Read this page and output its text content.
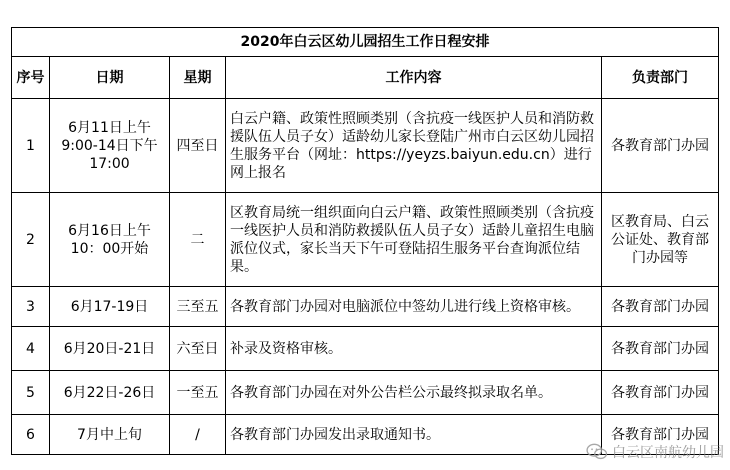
2020年白云区幼儿园招生工作日程安排				
序号	日期	星期	工作内容	负责部门
1	6月11日上午9:00-14日下午17:00	四至日	白云户籍、政策性照顾类别（含抗疫一线医护人员和消防救援队伍人员子女）适龄幼儿家长登陆广州市白云区幼儿园招生服务平台（网址：https://yeyzs.baiyun.edu.cn）进行网上报名	各教育部门办园
2	6月16日上午10：00开始	二	区教育局统一组织面向白云户籍、政策性照顾类别（含抗疫一线医护人员和消防救援队伍人员子女）适龄儿童招生电脑派位仪式，家长当天下午可登陆招生服务平台查询派位结果。	区教育局、白云公证处、教育部门办园等
3	6月17-19日	三至五	各教育部门办园对电脑派位中签幼儿进行线上资格审核。	各教育部门办园
4	6月20日-21日	六至日	补录及资格审核。	各教育部门办园
5	6月22日-26日	一至五	各教育部门办园在对外公告栏公示最终拟录取名单。	各教育部门办园
6	7月中上旬	/	各教育部门办园发出录取通知书。	各教育部门办园
白云区南航幼儿园
